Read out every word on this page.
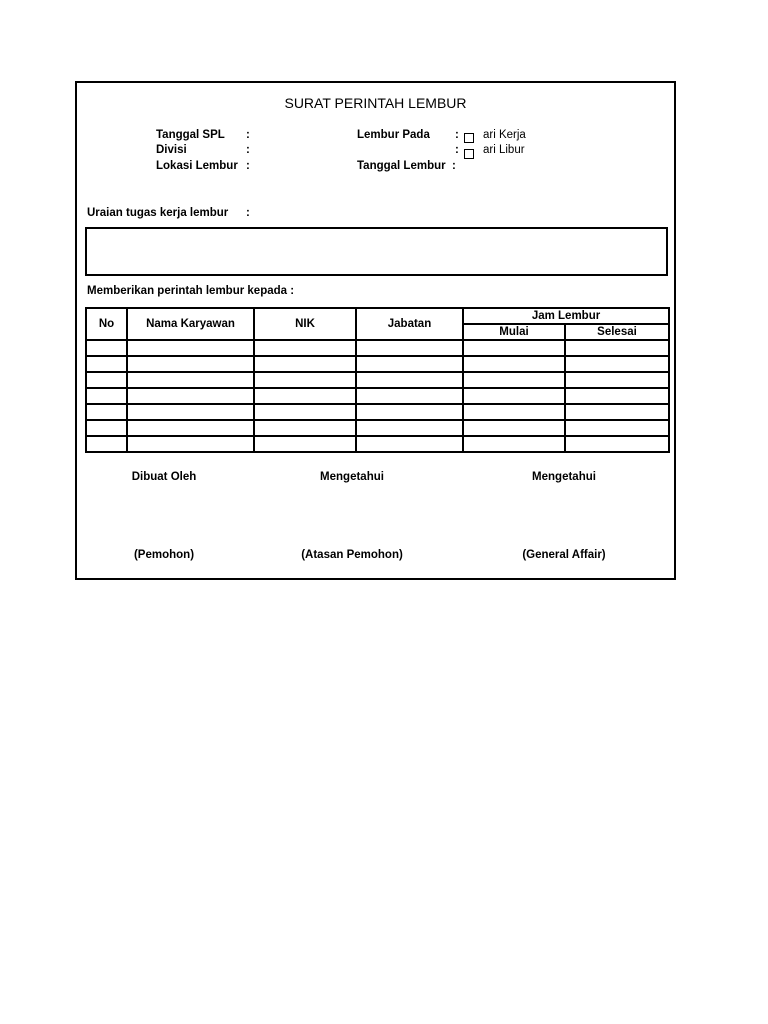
SURAT PERINTAH LEMBUR
Tanggal SPL :
Divisi	:
Lokasi Lembur :
Lembur Pada : ari Kerja
: ari Libur
Tanggal Lembur :
Uraian tugas kerja lembur :
Memberikan perintah lembur kepada :
No	Nama Karyawan	NIK	Jabatan	Jam Lembur	
				Mulai	Selesai

Dibuat Oleh	Mengetahui	Mengetahui
(Pemohon)	(Atasan Pemohon)	(General Affair)
